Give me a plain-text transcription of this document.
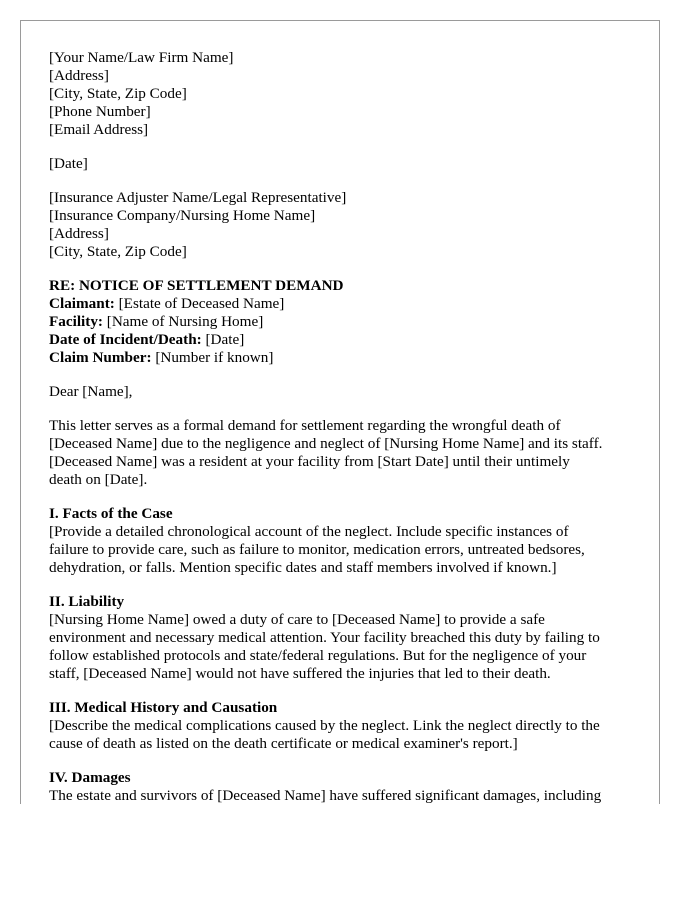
[Your Name/Law Firm Name]
[Address]
[City, State, Zip Code]
[Phone Number]
[Email Address]
[Date]
[Insurance Adjuster Name/Legal Representative]
[Insurance Company/Nursing Home Name]
[Address]
[City, State, Zip Code]
RE: NOTICE OF SETTLEMENT DEMAND
Claimant: [Estate of Deceased Name]
Facility: [Name of Nursing Home]
Date of Incident/Death: [Date]
Claim Number: [Number if known]
Dear [Name],
This letter serves as a formal demand for settlement regarding the wrongful death of
[Deceased Name] due to the negligence and neglect of [Nursing Home Name] and its staff.
[Deceased Name] was a resident at your facility from [Start Date] until their untimely
death on [Date].
I. Facts of the Case
[Provide a detailed chronological account of the neglect. Include specific instances of
failure to provide care, such as failure to monitor, medication errors, untreated bedsores,
dehydration, or falls. Mention specific dates and staff members involved if known.]
II. Liability
[Nursing Home Name] owed a duty of care to [Deceased Name] to provide a safe
environment and necessary medical attention. Your facility breached this duty by failing to
follow established protocols and state/federal regulations. But for the negligence of your
staff, [Deceased Name] would not have suffered the injuries that led to their death.
III. Medical History and Causation
[Describe the medical complications caused by the neglect. Link the neglect directly to the
cause of death as listed on the death certificate or medical examiner's report.]
IV. Damages
The estate and survivors of [Deceased Name] have suffered significant damages, including
